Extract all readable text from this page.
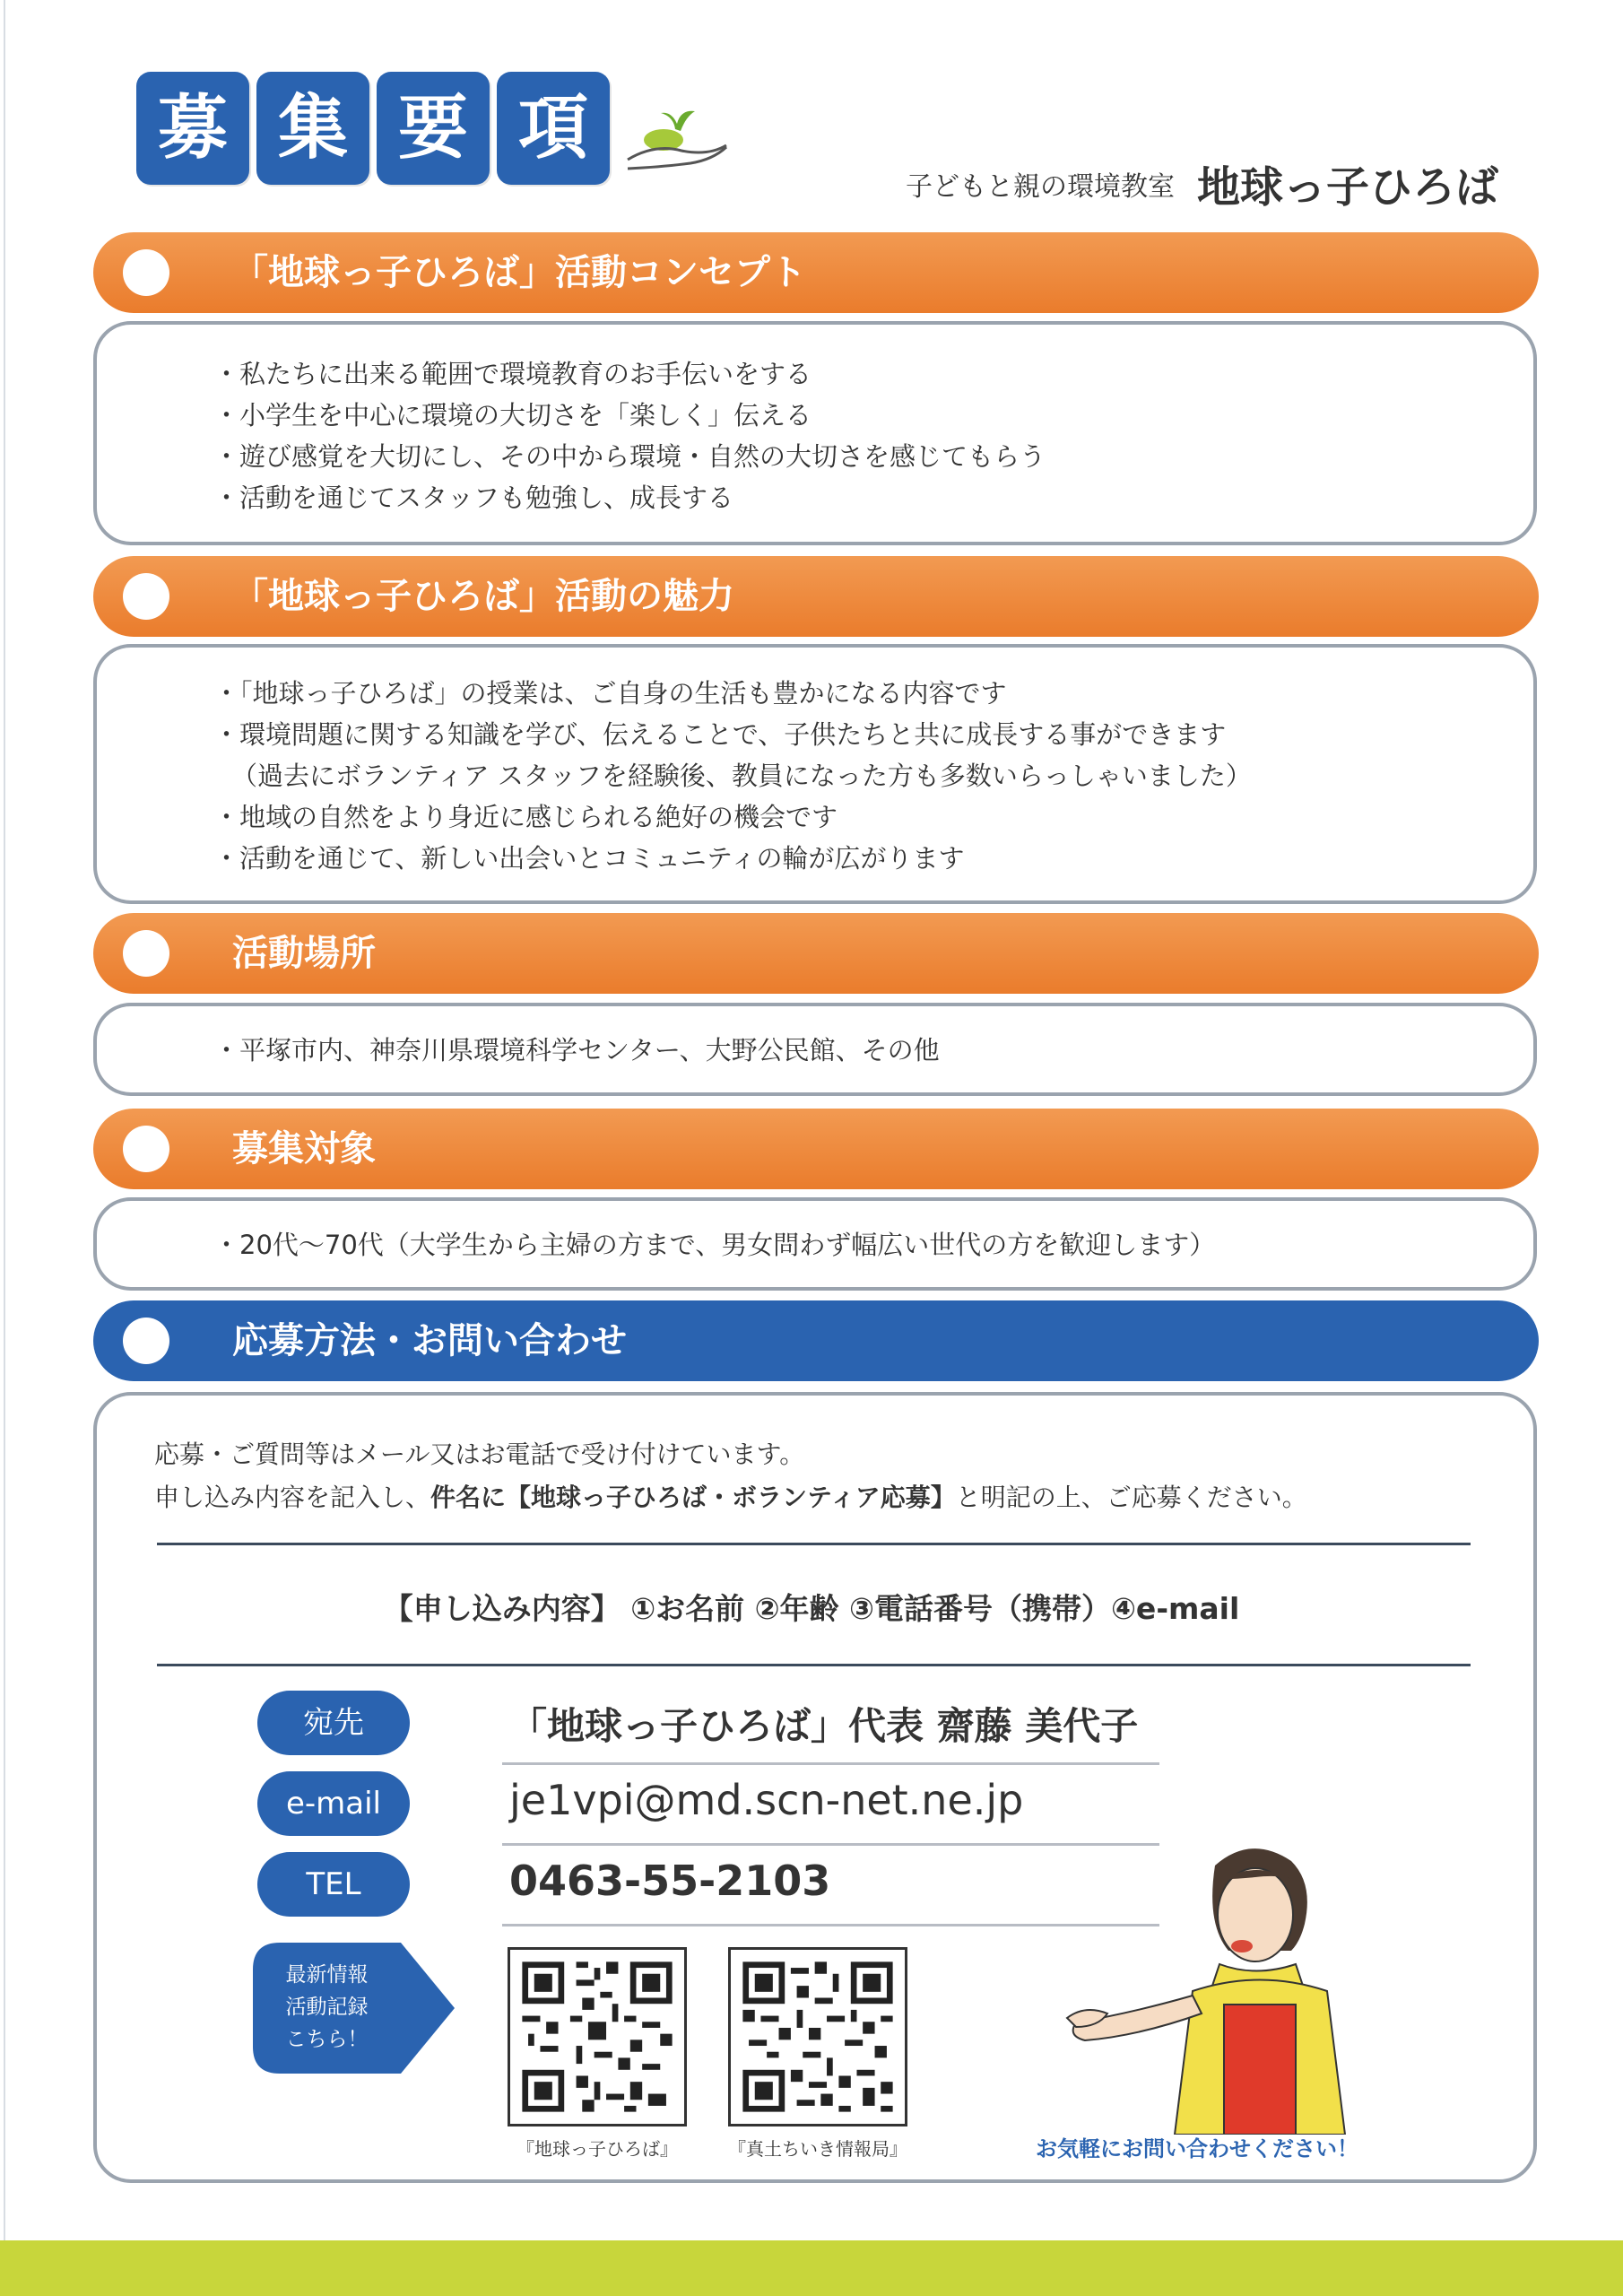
募 集 要 項
子どもと親の環境教室 地球っ子ひろば
「地球っ子ひろば」活動コンセプト
・私たちに出来る範囲で環境教育のお手伝いをする
・小学生を中心に環境の大切さを「楽しく」伝える
・遊び感覚を大切にし、その中から環境・自然の大切さを感じてもらう
・活動を通じてスタッフも勉強し、成長する
「地球っ子ひろば」活動の魅力
・「地球っ子ひろば」の授業は、ご自身の生活も豊かになる内容です
・環境問題に関する知識を学び、伝えることで、子供たちと共に成長する事ができます
（過去にボランティア スタッフを経験後、教員になった方も多数いらっしゃいました）
・地域の自然をより身近に感じられる絶好の機会です
・活動を通じて、新しい出会いとコミュニティの輪が広がります
活動場所
・平塚市内、神奈川県環境科学センター、大野公民館、その他
募集対象
・20代〜70代（大学生から主婦の方まで、男女問わず幅広い世代の方を歓迎します）
応募方法・お問い合わせ
応募・ご質問等はメール又はお電話で受け付けています。
申し込み内容を記入し、件名に【地球っ子ひろば・ボランティア応募】と明記の上、ご応募ください。
【申し込み内容】 ①お名前 ②年齢 ③電話番号（携帯）④e-mail
宛先	「地球っ子ひろば」代表 齋藤 美代子
e-mail	je1vpi@md.scn-net.ne.jp
TEL	0463-55-2103
最新情報
活動記録
こちら！
『地球っ子ひろば』	『真土ちいき情報局』	お気軽にお問い合わせください！
